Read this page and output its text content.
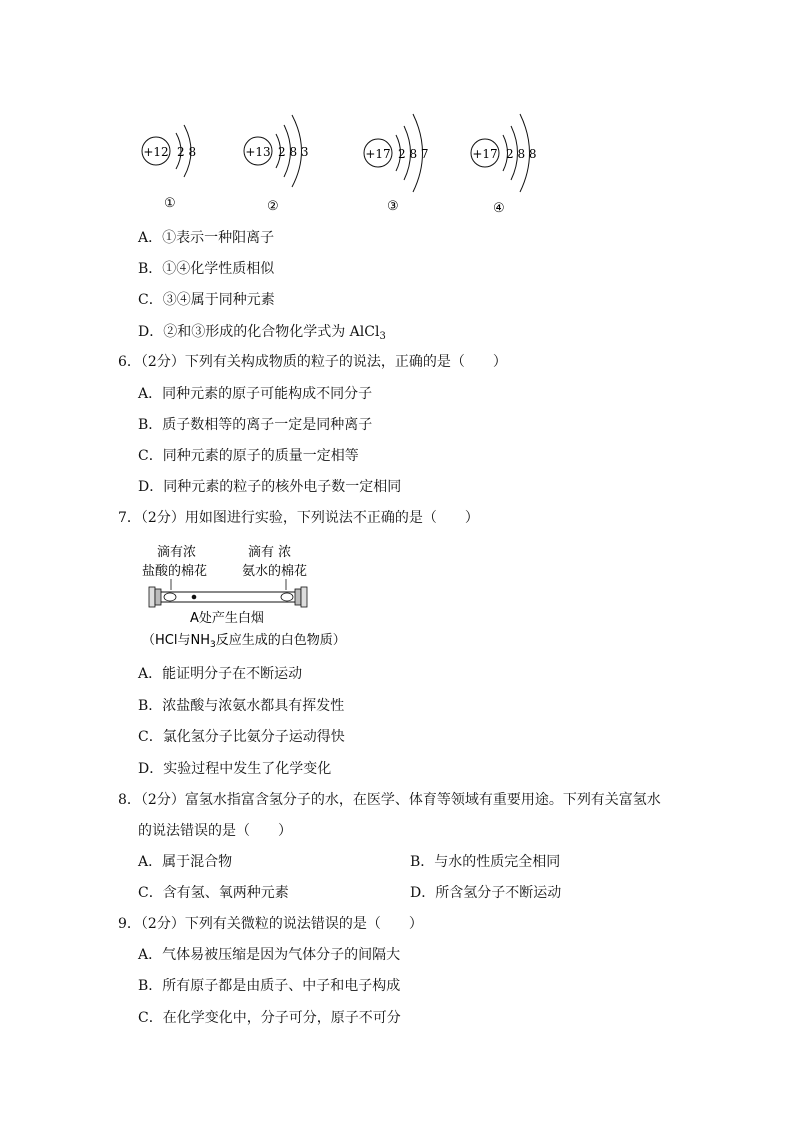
+12 2 8
①
+13 2 8 3
②
+17 2 8 7
③
+17 2 8 8
④
A．①表示一种阳离子
B．①④化学性质相似
C．③④属于同种元素
D．②和③形成的化合物化学式为 AlCl$_3$
6．（2分）下列有关构成物质的粒子的说法，正确的是（　　）
A．同种元素的原子可能构成不同分子
B．质子数相等的离子一定是同种离子
C．同种元素的原子的质量一定相等
D．同种元素的粒子的核外电子数一定相同
7．（2分）用如图进行实验，下列说法不正确的是（　　）
滴有浓
盐酸的棉花
滴有 浓
氨水的棉花
A处产生白烟
（HCl与$NH_3$反应生成的白色物质）
A．能证明分子在不断运动
B．浓盐酸与浓氨水都具有挥发性
C．氯化氢分子比氨分子运动得快
D．实验过程中发生了化学变化
8．（2分）富氢水指富含氢分子的水，在医学、体育等领域有重要用途。下列有关富氢水
的说法错误的是（　　）
A．属于混合物	B．与水的性质完全相同
C．含有氢、氧两种元素	D．所含氢分子不断运动
9．（2分）下列有关微粒的说法错误的是（　　）
A．气体易被压缩是因为气体分子的间隔大
B．所有原子都是由质子、中子和电子构成
C．在化学变化中，分子可分，原子不可分
